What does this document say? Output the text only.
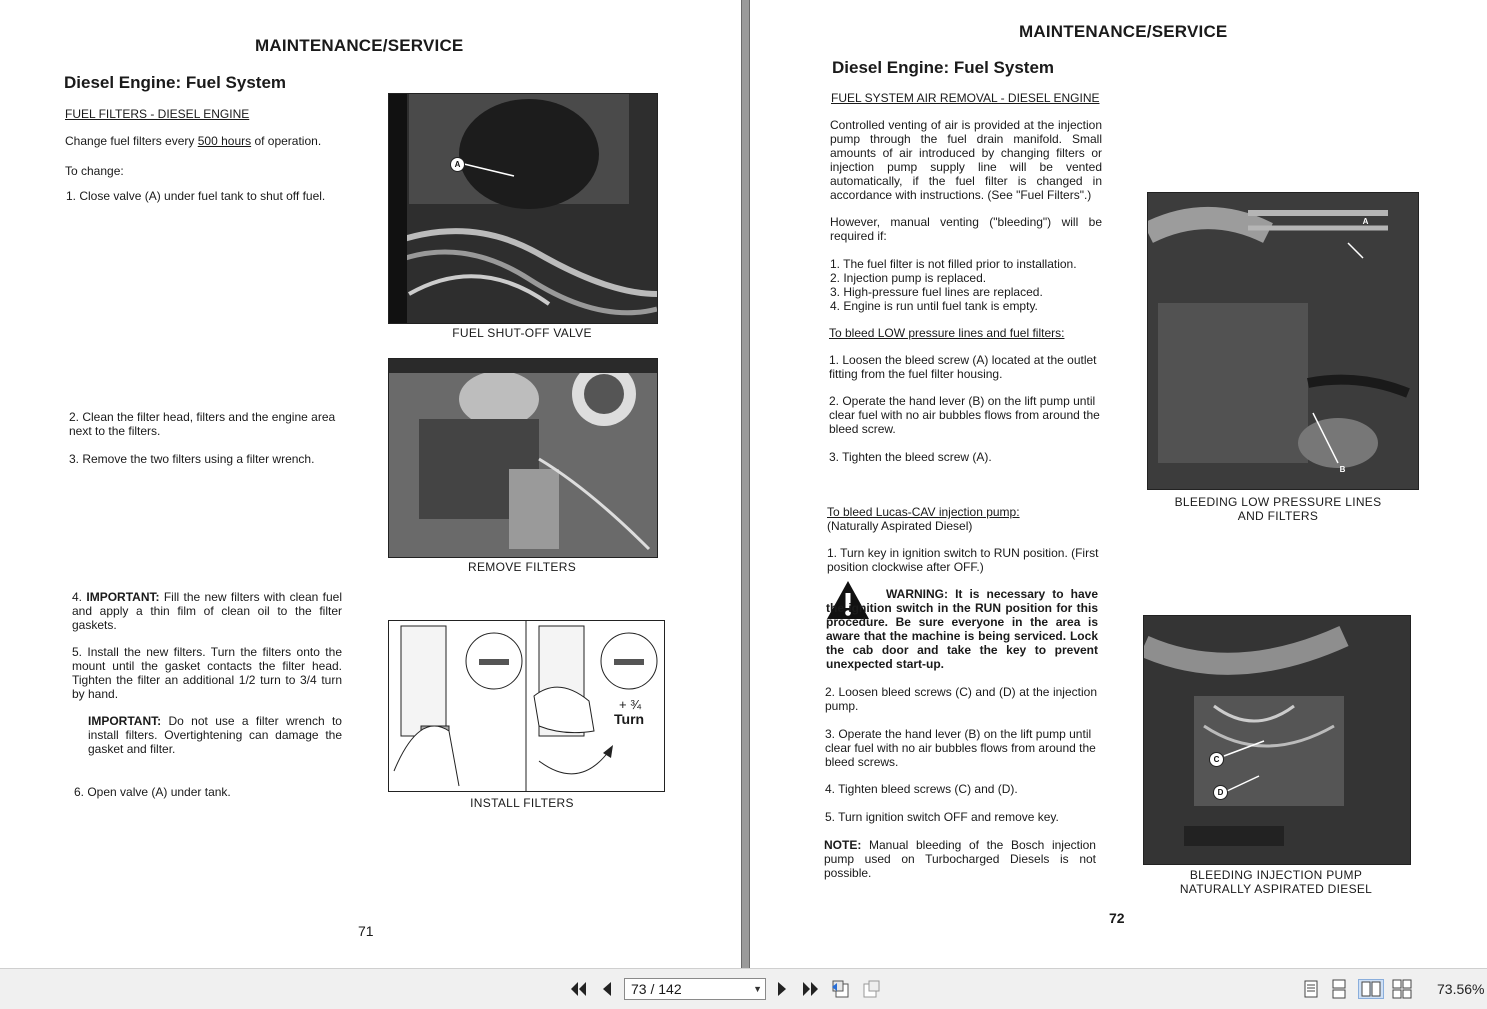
MAINTENANCE/SERVICE
Diesel Engine: Fuel System
FUEL FILTERS - DIESEL ENGINE
Change fuel filters every 500 hours of operation.
To change:
1. Close valve (A) under fuel tank to shut off fuel.
A
FUEL SHUT-OFF VALVE
REMOVE FILTERS
2. Clean the filter head, filters and the engine area next to the filters.
3. Remove the two filters using a filter wrench.
4. IMPORTANT: Fill the new filters with clean fuel and apply a thin film of clean oil to the filter gaskets.
5. Install the new filters. Turn the filters onto the mount until the gasket contacts the filter head. Tighten the filter an additional 1/2 turn to 3/4 turn by hand.
IMPORTANT: Do not use a filter wrench to install filters. Overtightening can damage the gasket and filter.
6. Open valve (A) under tank.
+ ¾
Turn
INSTALL FILTERS
71
MAINTENANCE/SERVICE
Diesel Engine: Fuel System
FUEL SYSTEM AIR REMOVAL - DIESEL ENGINE
Controlled venting of air is provided at the injection pump through the fuel drain manifold. Small amounts of air introduced by changing filters or injection pump supply line will be vented automatically, if the fuel filter is changed in accordance with instructions. (See "Fuel Filters".)
However, manual venting ("bleeding") will be required if:
1. The fuel filter is not filled prior to installation.
2. Injection pump is replaced.
3. High-pressure fuel lines are replaced.
4. Engine is run until fuel tank is empty.
To bleed LOW pressure lines and fuel filters:
1. Loosen the bleed screw (A) located at the outlet fitting from the fuel filter housing.
2. Operate the hand lever (B) on the lift pump until clear fuel with no air bubbles flows from around the bleed screw.
3. Tighten the bleed screw (A).
To bleed Lucas-CAV injection pump:
(Naturally Aspirated Diesel)
1. Turn key in ignition switch to RUN position. (First position clockwise after OFF.)
WARNING: It is necessary to have the ignition switch in the RUN position for this procedure. Be sure everyone in the area is aware that the machine is being serviced. Lock the cab door and take the key to prevent unexpected start-up.
2. Loosen bleed screws (C) and (D) at the injection pump.
3. Operate the hand lever (B) on the lift pump until clear fuel with no air bubbles flows from around the bleed screws.
4. Tighten bleed screws (C) and (D).
5. Turn ignition switch OFF and remove key.
NOTE: Manual bleeding of the Bosch injection pump used on Turbocharged Diesels is not possible.
A
B
BLEEDING LOW PRESSURE LINES
AND FILTERS
C
D
BLEEDING INJECTION PUMP
NATURALLY ASPIRATED DIESEL
72
73 / 142	▼	73.56%
